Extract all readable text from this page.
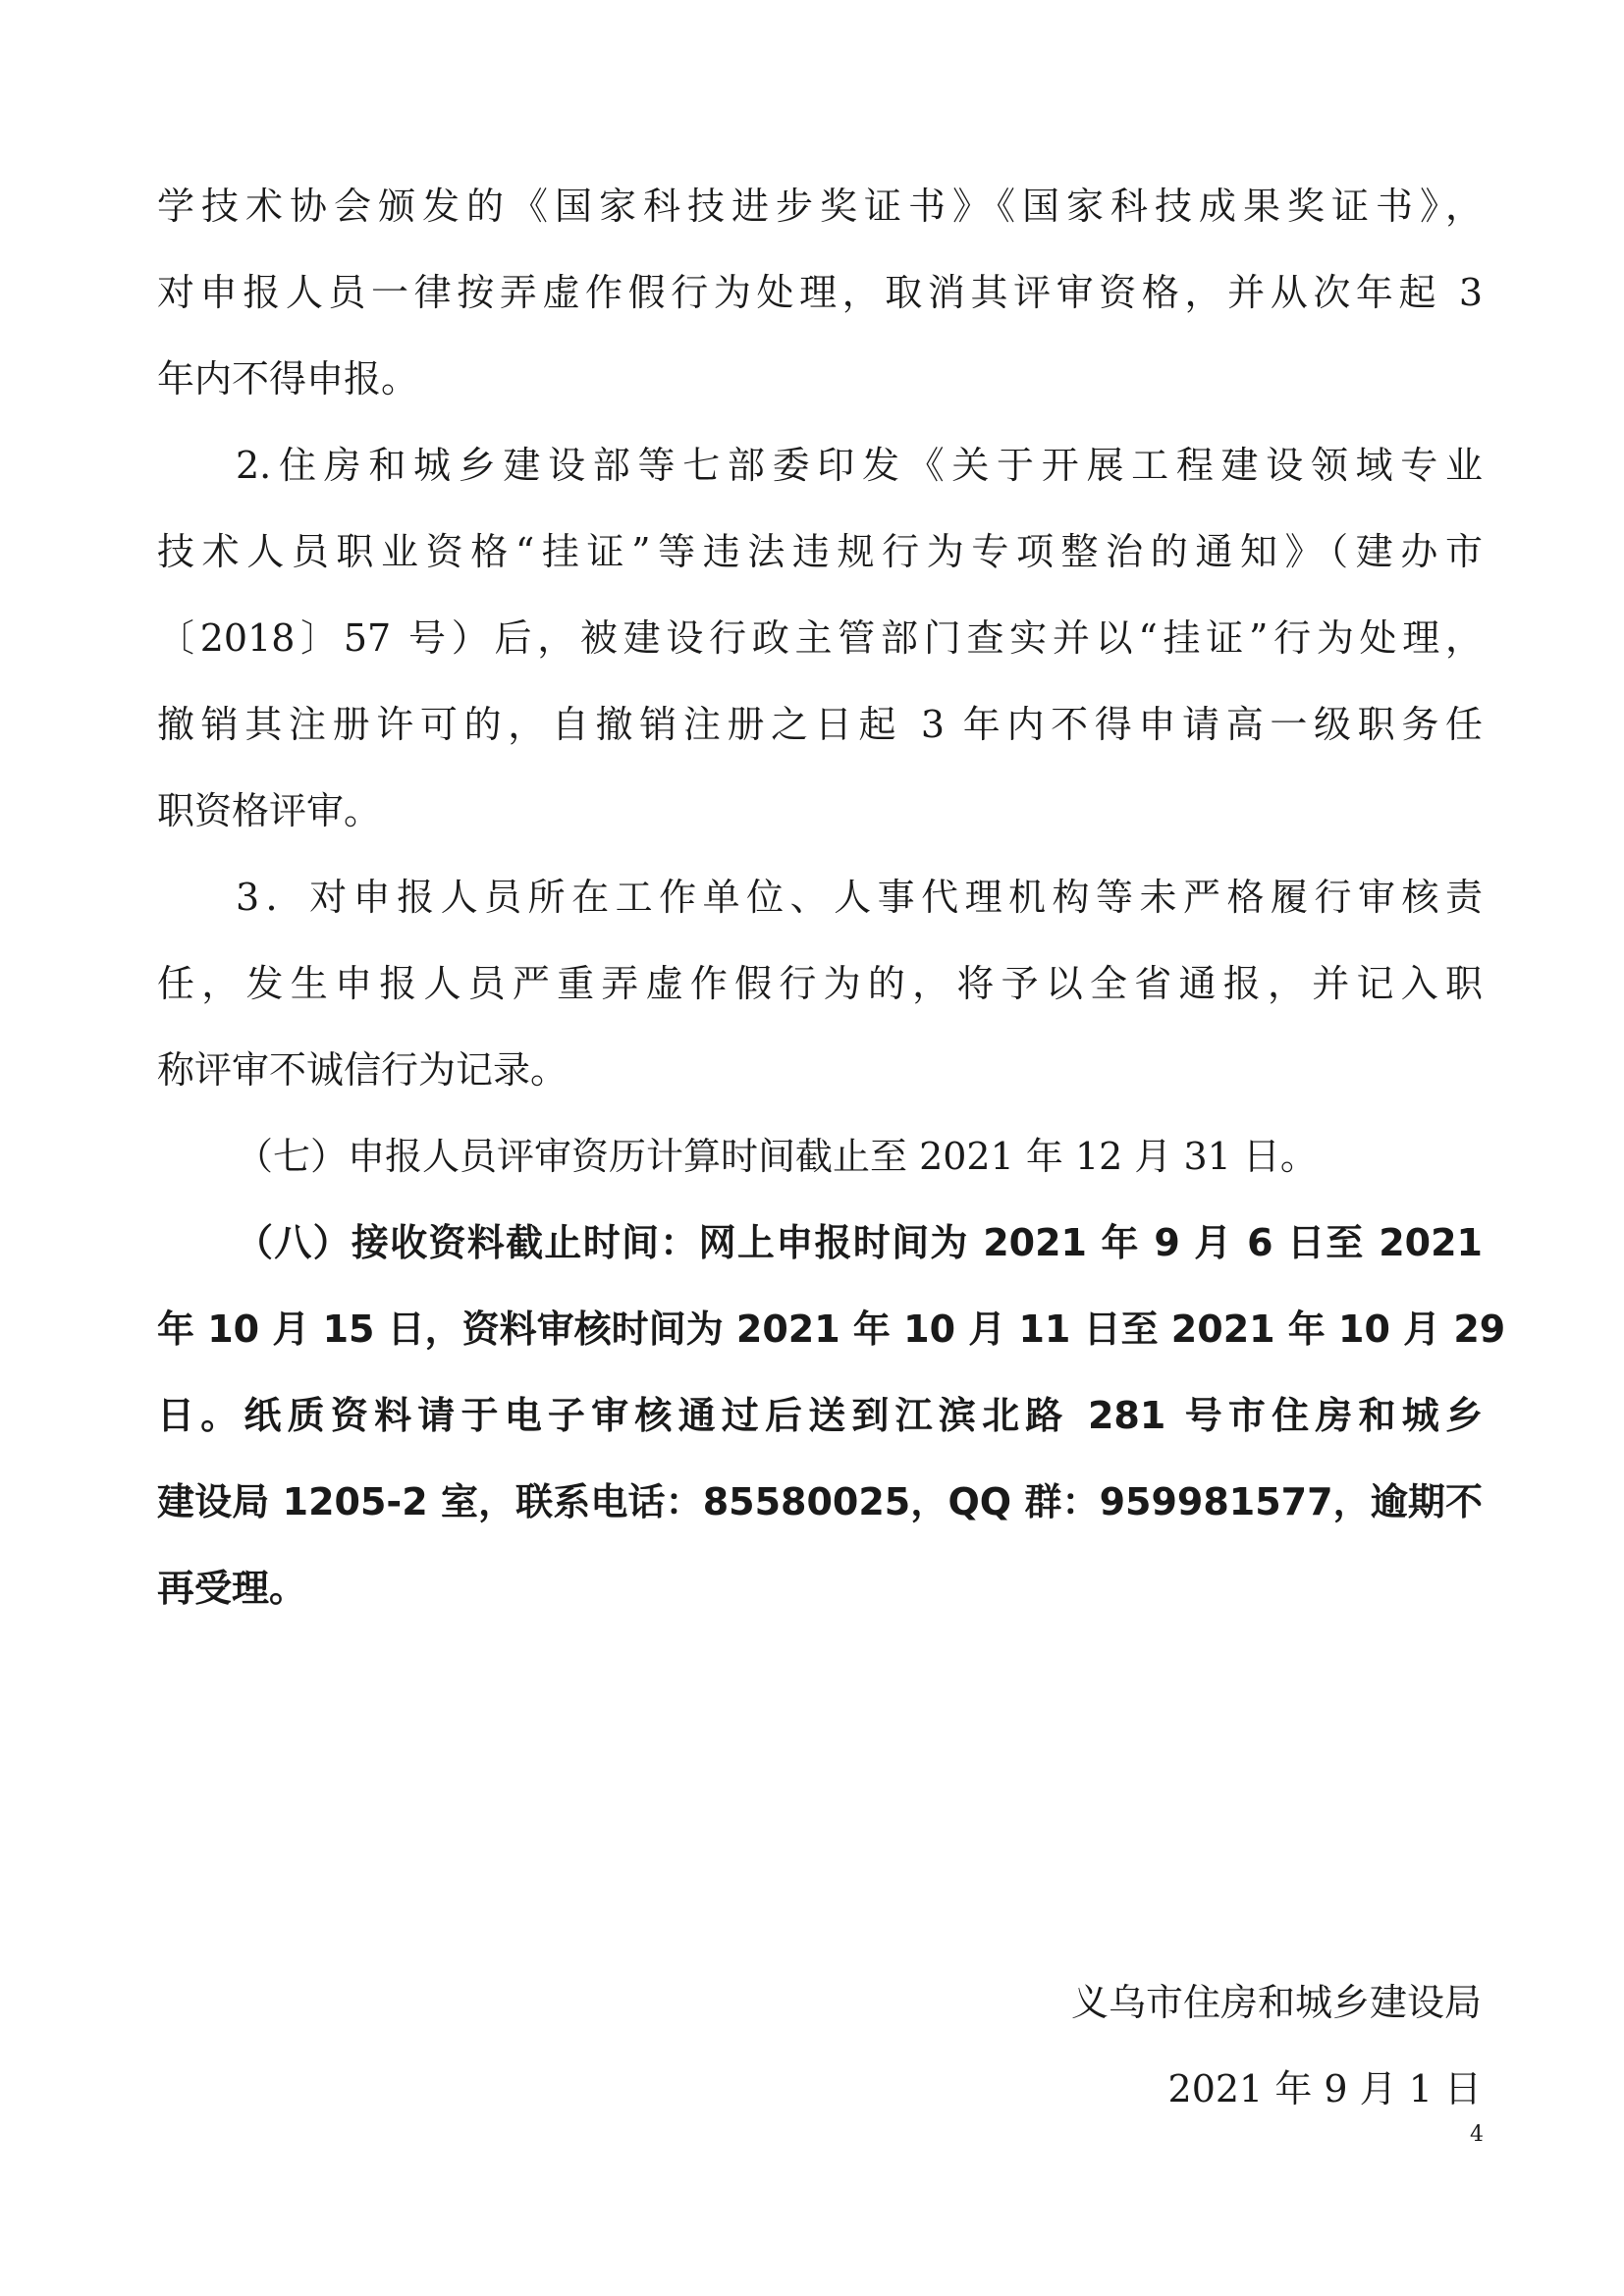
学技术协会颁发的《国家科技进步奖证书》《国家科技成果奖证书》，
对申报人员一律按弄虚作假行为处理，取消其评审资格，并从次年起 3
年内不得申报。
2.住房和城乡建设部等七部委印发《关于开展工程建设领域专业
技术人员职业资格“挂证”等违法违规行为专项整治的通知》（建办市
〔2018〕57 号）后，被建设行政主管部门查实并以“挂证”行为处理，
撤销其注册许可的，自撤销注册之日起 3 年内不得申请高一级职务任
职资格评审。
3．对申报人员所在工作单位、人事代理机构等未严格履行审核责
任，发生申报人员严重弄虚作假行为的，将予以全省通报，并记入职
称评审不诚信行为记录。
（七）申报人员评审资历计算时间截止至 2021 年 12 月 31 日。
（八）接收资料截止时间：网上申报时间为 2021 年 9 月 6 日至 2021
年 10 月 15 日，资料审核时间为 2021 年 10 月 11 日至 2021 年 10 月 29
日。纸质资料请于电子审核通过后送到江滨北路 281 号市住房和城乡
建设局 1205-2 室，联系电话：85580025，QQ 群：959981577，逾期不
再受理。
义乌市住房和城乡建设局
2021 年 9 月 1 日
4
